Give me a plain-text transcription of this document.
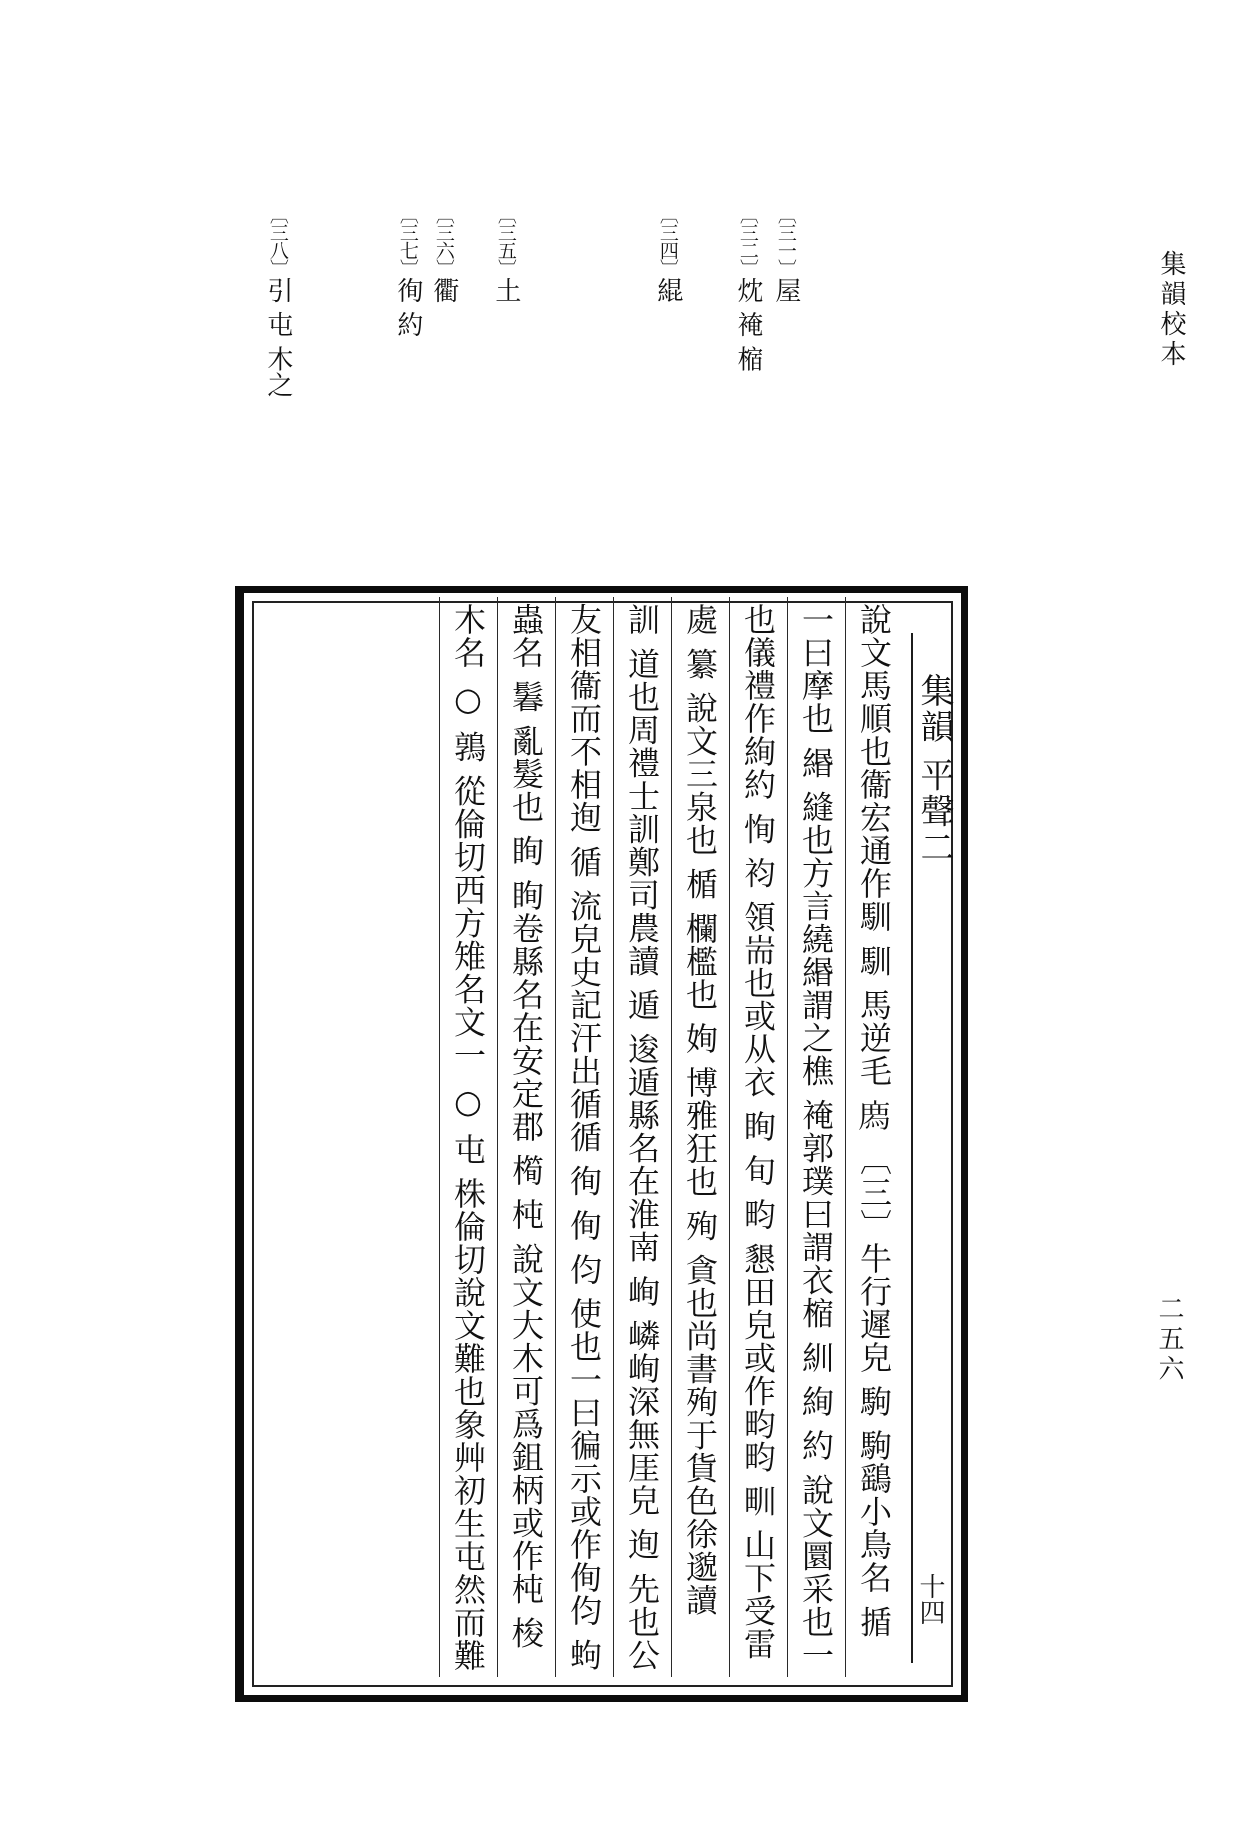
集韻校本
二五六
〔三一〕屋
〔三二〕㶩 裺 樎
〔三四〕緄
〔三五〕土
〔三六〕衢
〔三七〕徇 約
〔三八〕引 屯 木之
集韻 平聲二
十四
說文馬順也衞宏通作馴 馴 馬逆毛 𢊁 〔三〕牛行遲皃 駒 駒鷂小鳥名 揗
一曰摩也 緡 縫也方言繞緡謂之樵 裺郭璞曰謂衣樎 紃 絢 約 說文圜采也一
也儀禮作絢約 恂 袀 領耑也或从衣 眴 旬 畇 懇田皃或作畇畇 甽 山下受雷
處 纂 說文三泉也 楯 欄檻也 姰 博雅狂也 殉 貪也尚書殉于貨色徐邈讀
訓 道也周禮士訓鄭司農讀 遁 逡遁縣名在淮南 峋 嶙峋深無厓皃 迿 先也公
友相衞而不相迿 循 流皃史記汗出循循 徇 侚 伨 使也一曰徧示或作侚伨 蚼
蟲名 鬊 亂髮也 眴 眴卷縣名在安定郡 橁 杶 說文大木可爲鉏柄或作杶 梭
木名 ○ 鶉 從倫切西方雉名文一 ○ 屯 株倫切說文難也象艸初生屯然而難
